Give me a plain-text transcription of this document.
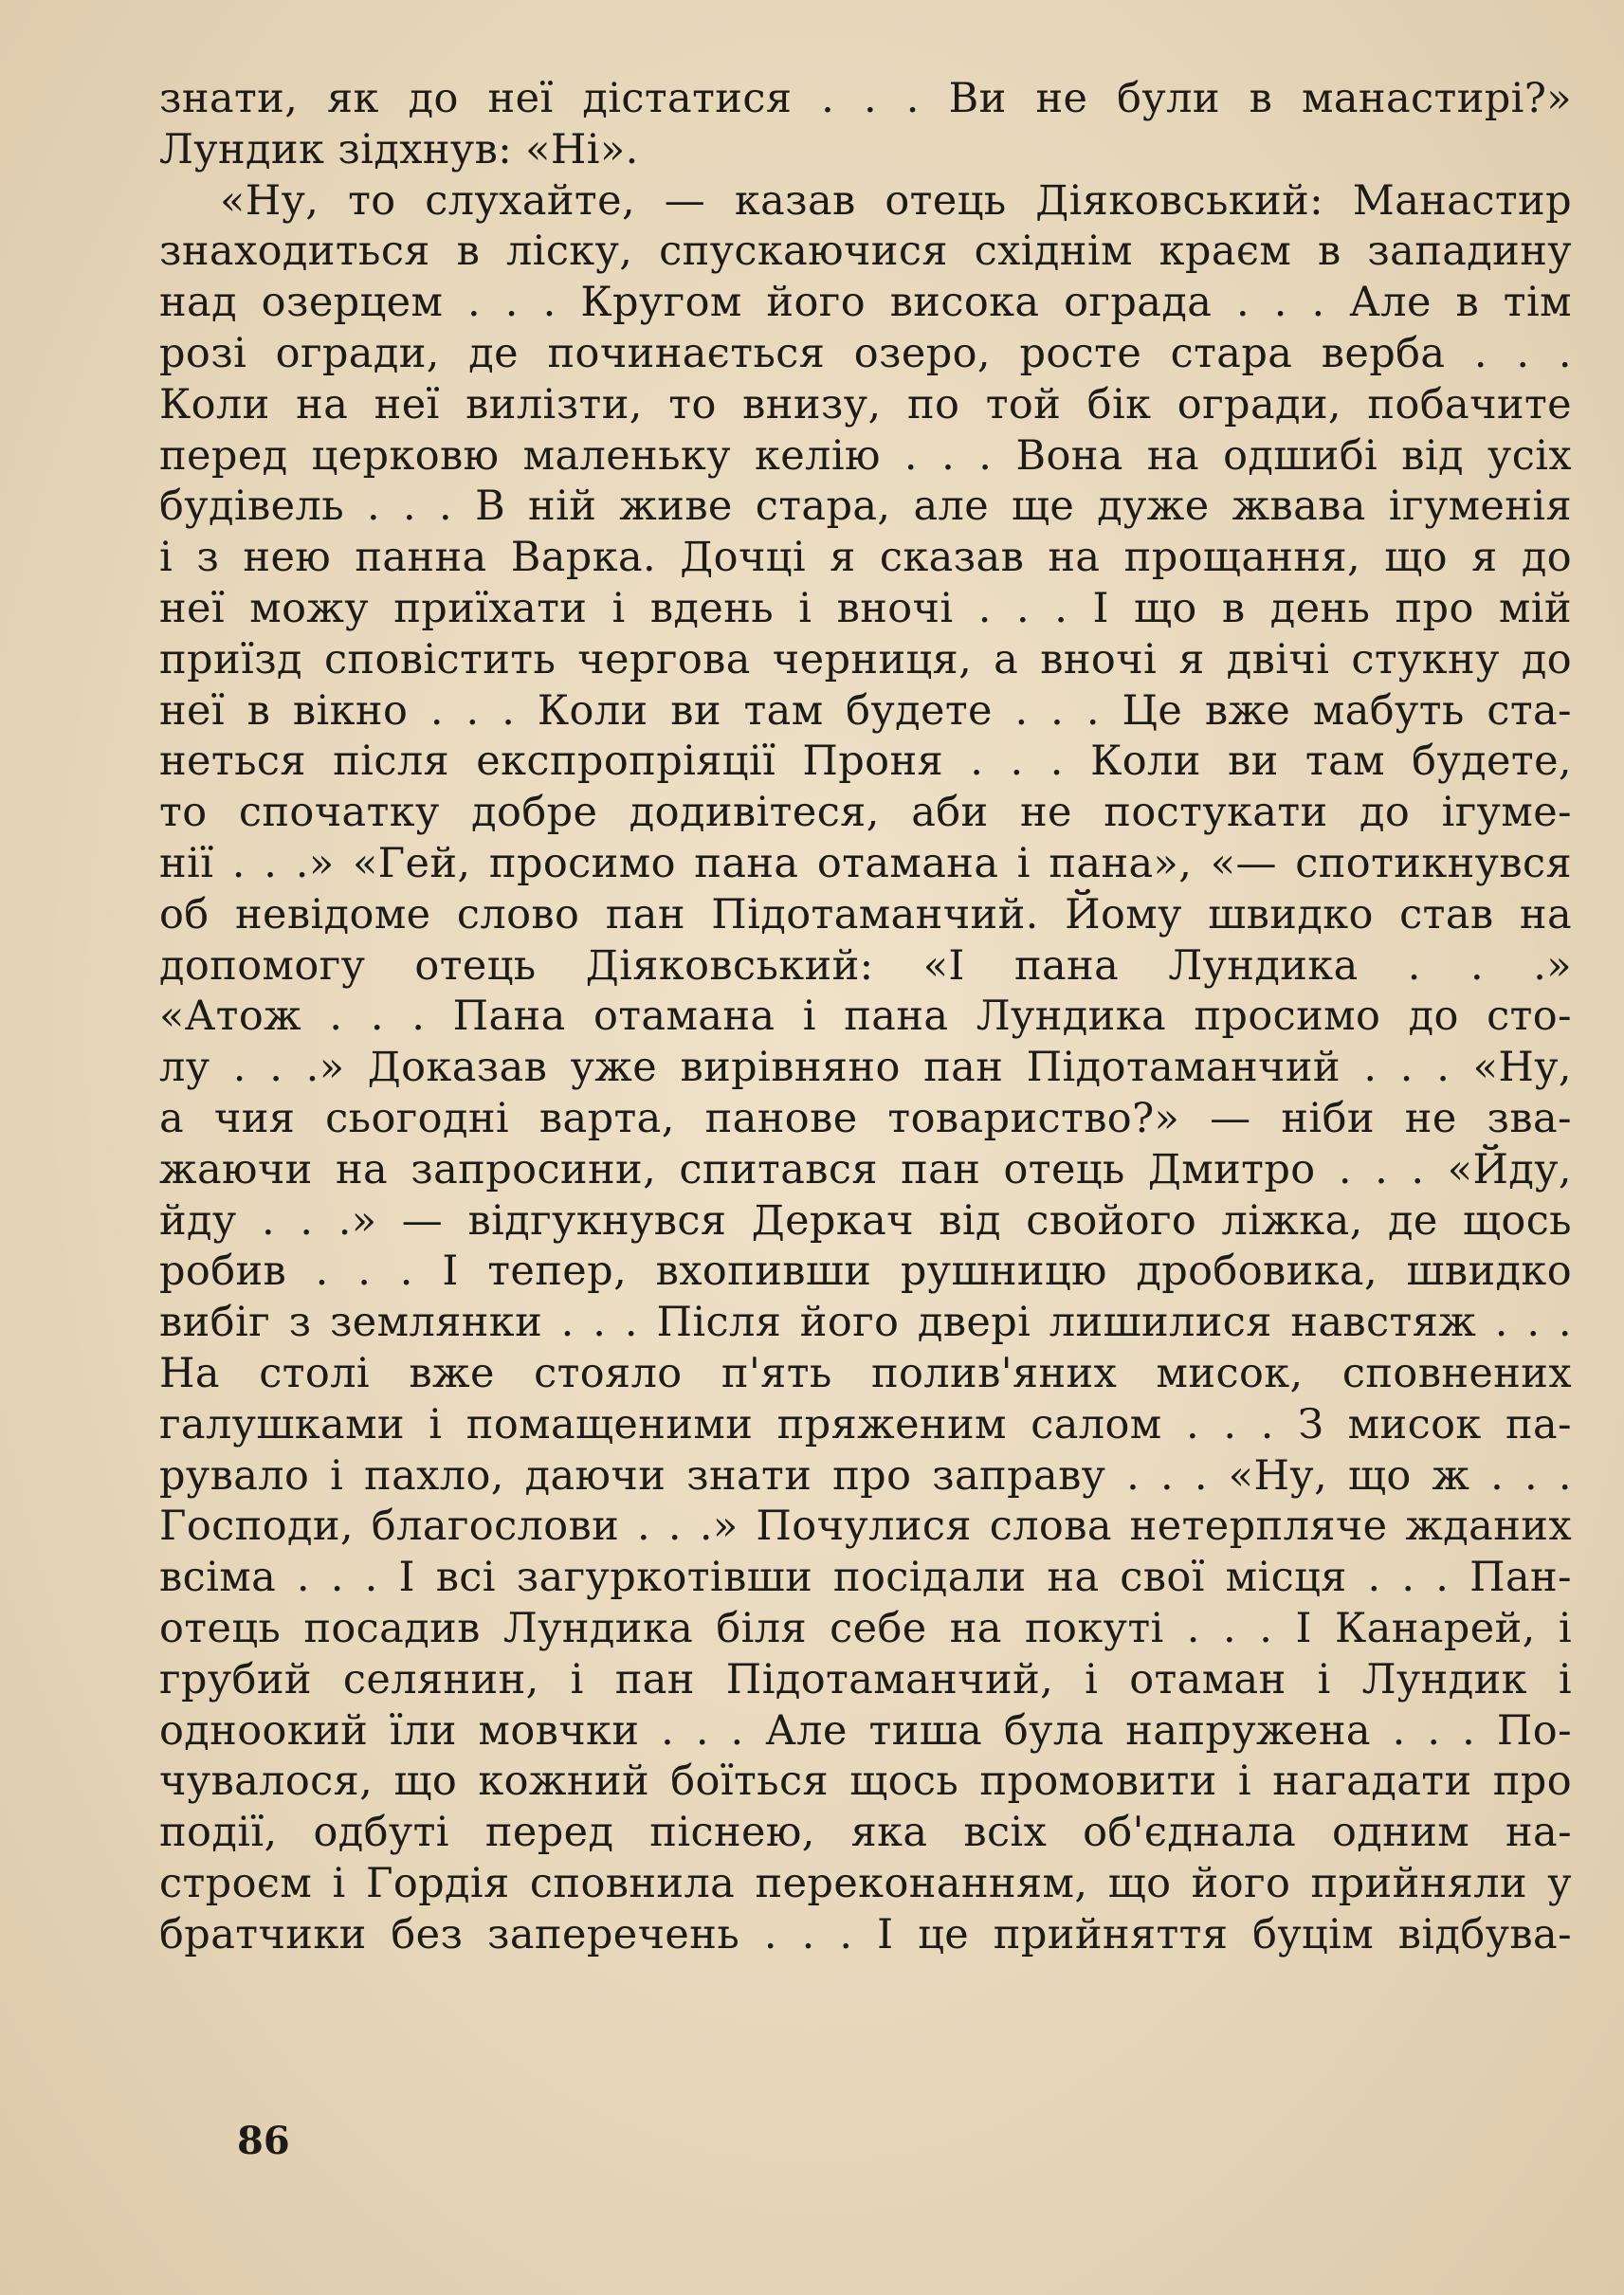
знати, як до неї дістатися . . . Ви не були в манастирі?»
Лундик зідхнув: «Ні».
«Ну, то слухайте, — казав отець Діяковський: Манастир
знаходиться в ліску, спускаючися східнім краєм в западину
над озерцем . . . Кругом його висока ограда . . . Але в тім
розі огради, де починається озеро, росте стара верба . . .
Коли на неї вилізти, то внизу, по той бік огради, побачите
перед церковю маленьку келію . . . Вона на одшибі від усіх
будівель . . . В ній живе стара, але ще дуже жвава ігуменія
і з нею панна Варка. Дочці я сказав на прощання, що я до
неї можу приїхати і вдень і вночі . . . І що в день про мій
приїзд сповістить чергова черниця, а вночі я двічі стукну до
неї в вікно . . . Коли ви там будете . . . Це вже мабуть ста-
неться після експропріяції Проня . . . Коли ви там будете,
то спочатку добре додивітеся, аби не постукати до ігуме-
нії . . .» «Гей, просимо пана отамана і пана», «— спотикнувся
об невідоме слово пан Підотаманчий. Йому швидко став на
допомогу отець Діяковський: «І пана Лундика . . .»
«Атож . . . Пана отамана і пана Лундика просимо до сто-
лу . . .» Доказав уже вирівняно пан Підотаманчий . . . «Ну,
а чия сьогодні варта, панове товариство?» — ніби не зва-
жаючи на запросини, спитався пан отець Дмитро . . . «Йду,
йду . . .» — відгукнувся Деркач від свойого ліжка, де щось
робив . . . І тепер, вхопивши рушницю дробовика, швидко
вибіг з землянки . . . Після його двері лишилися навстяж . . .
На столі вже стояло п'ять полив'яних мисок, сповнених
галушками і помащеними пряженим салом . . . З мисок па-
рувало і пахло, даючи знати про заправу . . . «Ну, що ж . . .
Господи, благослови . . .» Почулися слова нетерпляче жданих
всіма . . . І всі загуркотівши посідали на свої місця . . . Пан-
отець посадив Лундика біля себе на покуті . . . І Канарей, і
грубий селянин, і пан Підотаманчий, і отаман і Лундик і
одноокий їли мовчки . . . Але тиша була напружена . . . По-
чувалося, що кожний боїться щось промовити і нагадати про
події, одбуті перед піснею, яка всіх об'єднала одним на-
строєм і Гордія сповнила переконанням, що його прийняли у
братчики без заперечень . . . І це прийняття буцім відбува-
86
